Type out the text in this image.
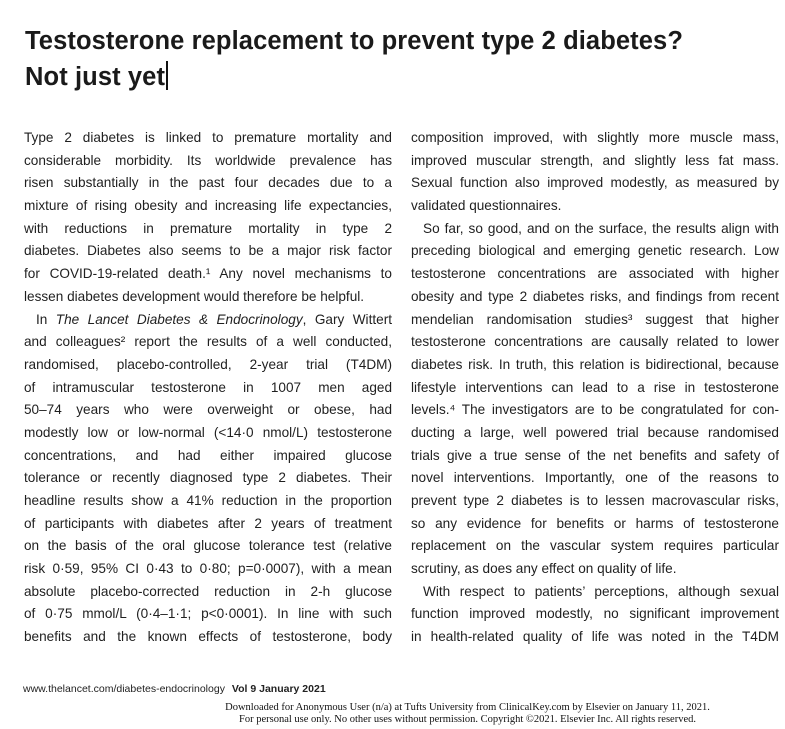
Testosterone replacement to prevent type 2 diabetes?
Not just yet
Type 2 diabetes is linked to premature mortality and
considerable morbidity. Its worldwide prevalence has
risen substantially in the past four decades due to a
mixture of rising obesity and increasing life expectancies,
with reductions in premature mortality in type 2
diabetes. Diabetes also seems to be a major risk factor
for COVID-19-related death.¹ Any novel mechanisms to
lessen diabetes development would therefore be helpful.
In The Lancet Diabetes & Endocrinology, Gary Wittert
and colleagues² report the results of a well conducted,
randomised, placebo-controlled, 2-year trial (T4DM)
of intramuscular testosterone in 1007 men aged
50–74 years who were overweight or obese, had
modestly low or low-normal (<14·0 nmol/L) testosterone
concentrations, and had either impaired glucose
tolerance or recently diagnosed type 2 diabetes. Their
headline results show a 41% reduction in the proportion
of participants with diabetes after 2 years of treatment
on the basis of the oral glucose tolerance test (relative
risk 0·59, 95% CI 0·43 to 0·80; p=0·0007), with a mean
absolute placebo-corrected reduction in 2-h glucose
of 0·75 mmol/L (0·4–1·1; p<0·0001). In line with such
benefits and the known effects of testosterone, body
composition improved, with slightly more muscle mass,
improved muscular strength, and slightly less fat mass.
Sexual function also improved modestly, as measured by
validated questionnaires.
So far, so good, and on the surface, the results align with
preceding biological and emerging genetic research. Low
testosterone concentrations are associated with higher
obesity and type 2 diabetes risks, and findings from recent
mendelian randomisation studies³ suggest that higher
testosterone concentrations are causally related to lower
diabetes risk. In truth, this relation is bidirectional, because
lifestyle interventions can lead to a rise in testosterone
levels.⁴ The investigators are to be congratulated for con-
ducting a large, well powered trial because randomised
trials give a true sense of the net benefits and safety of
novel interventions. Importantly, one of the reasons to
prevent type 2 diabetes is to lessen macrovascular risks,
so any evidence for benefits or harms of testosterone
replacement on the vascular system requires particular
scrutiny, as does any effect on quality of life.
With respect to patients’ perceptions, although sexual
function improved modestly, no significant improvement
in health-related quality of life was noted in the T4DM
www.thelancet.com/diabetes-endocrinology Vol 9 January 2021
Downloaded for Anonymous User (n/a) at Tufts University from ClinicalKey.com by Elsevier on January 11, 2021.
For personal use only. No other uses without permission. Copyright ©2021. Elsevier Inc. All rights reserved.
